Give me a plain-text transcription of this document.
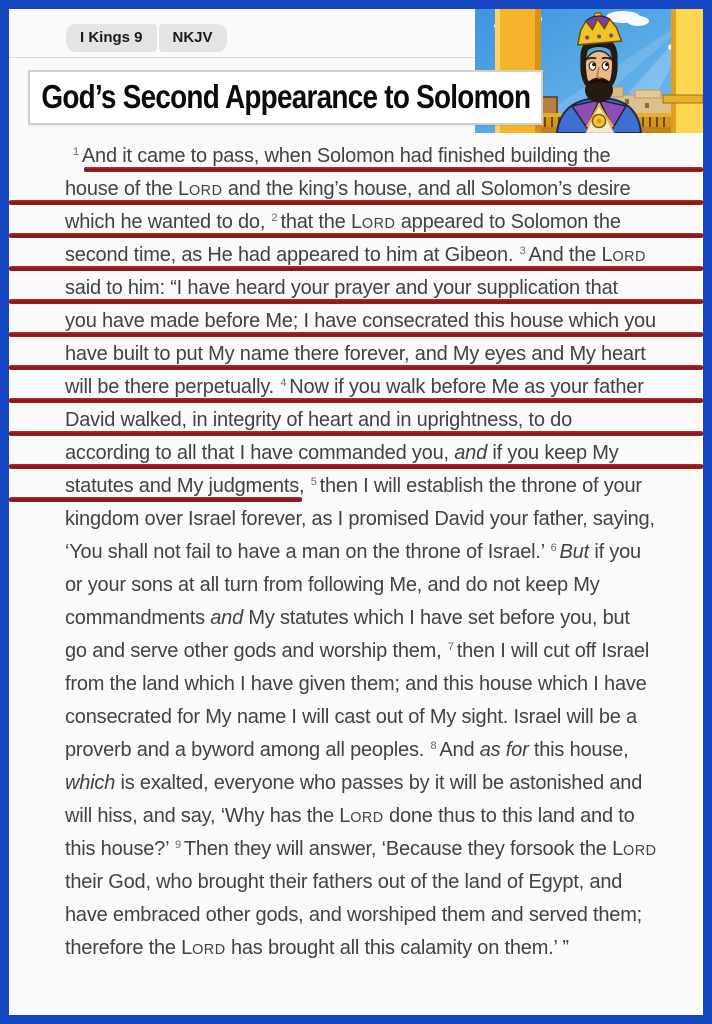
I Kings 9	NKJV
God’s Second Appearance to Solomon
$^1$ And it came to pass, when Solomon had finished building the
house of the LORD and the king’s house, and all Solomon’s desire
which he wanted to do, $^2$ that the LORD appeared to Solomon the
second time, as He had appeared to him at Gibeon. $^3$ And the LORD
said to him: “I have heard your prayer and your supplication that
you have made before Me; I have consecrated this house which you
have built to put My name there forever, and My eyes and My heart
will be there perpetually. $^4$ Now if you walk before Me as your father
David walked, in integrity of heart and in uprightness, to do
according to all that I have commanded you, and if you keep My
statutes and My judgments, $^5$ then I will establish the throne of your
kingdom over Israel forever, as I promised David your father, saying,
‘You shall not fail to have a man on the throne of Israel.’ $^6$ But if you
or your sons at all turn from following Me, and do not keep My
commandments and My statutes which I have set before you, but
go and serve other gods and worship them, $^7$ then I will cut off Israel
from the land which I have given them; and this house which I have
consecrated for My name I will cast out of My sight. Israel will be a
proverb and a byword among all peoples. $^8$ And as for this house,
which is exalted, everyone who passes by it will be astonished and
will hiss, and say, ‘Why has the LORD done thus to this land and to
this house?’ $^9$ Then they will answer, ‘Because they forsook the LORD
their God, who brought their fathers out of the land of Egypt, and
have embraced other gods, and worshiped them and served them;
therefore the LORD has brought all this calamity on them.’ ”
